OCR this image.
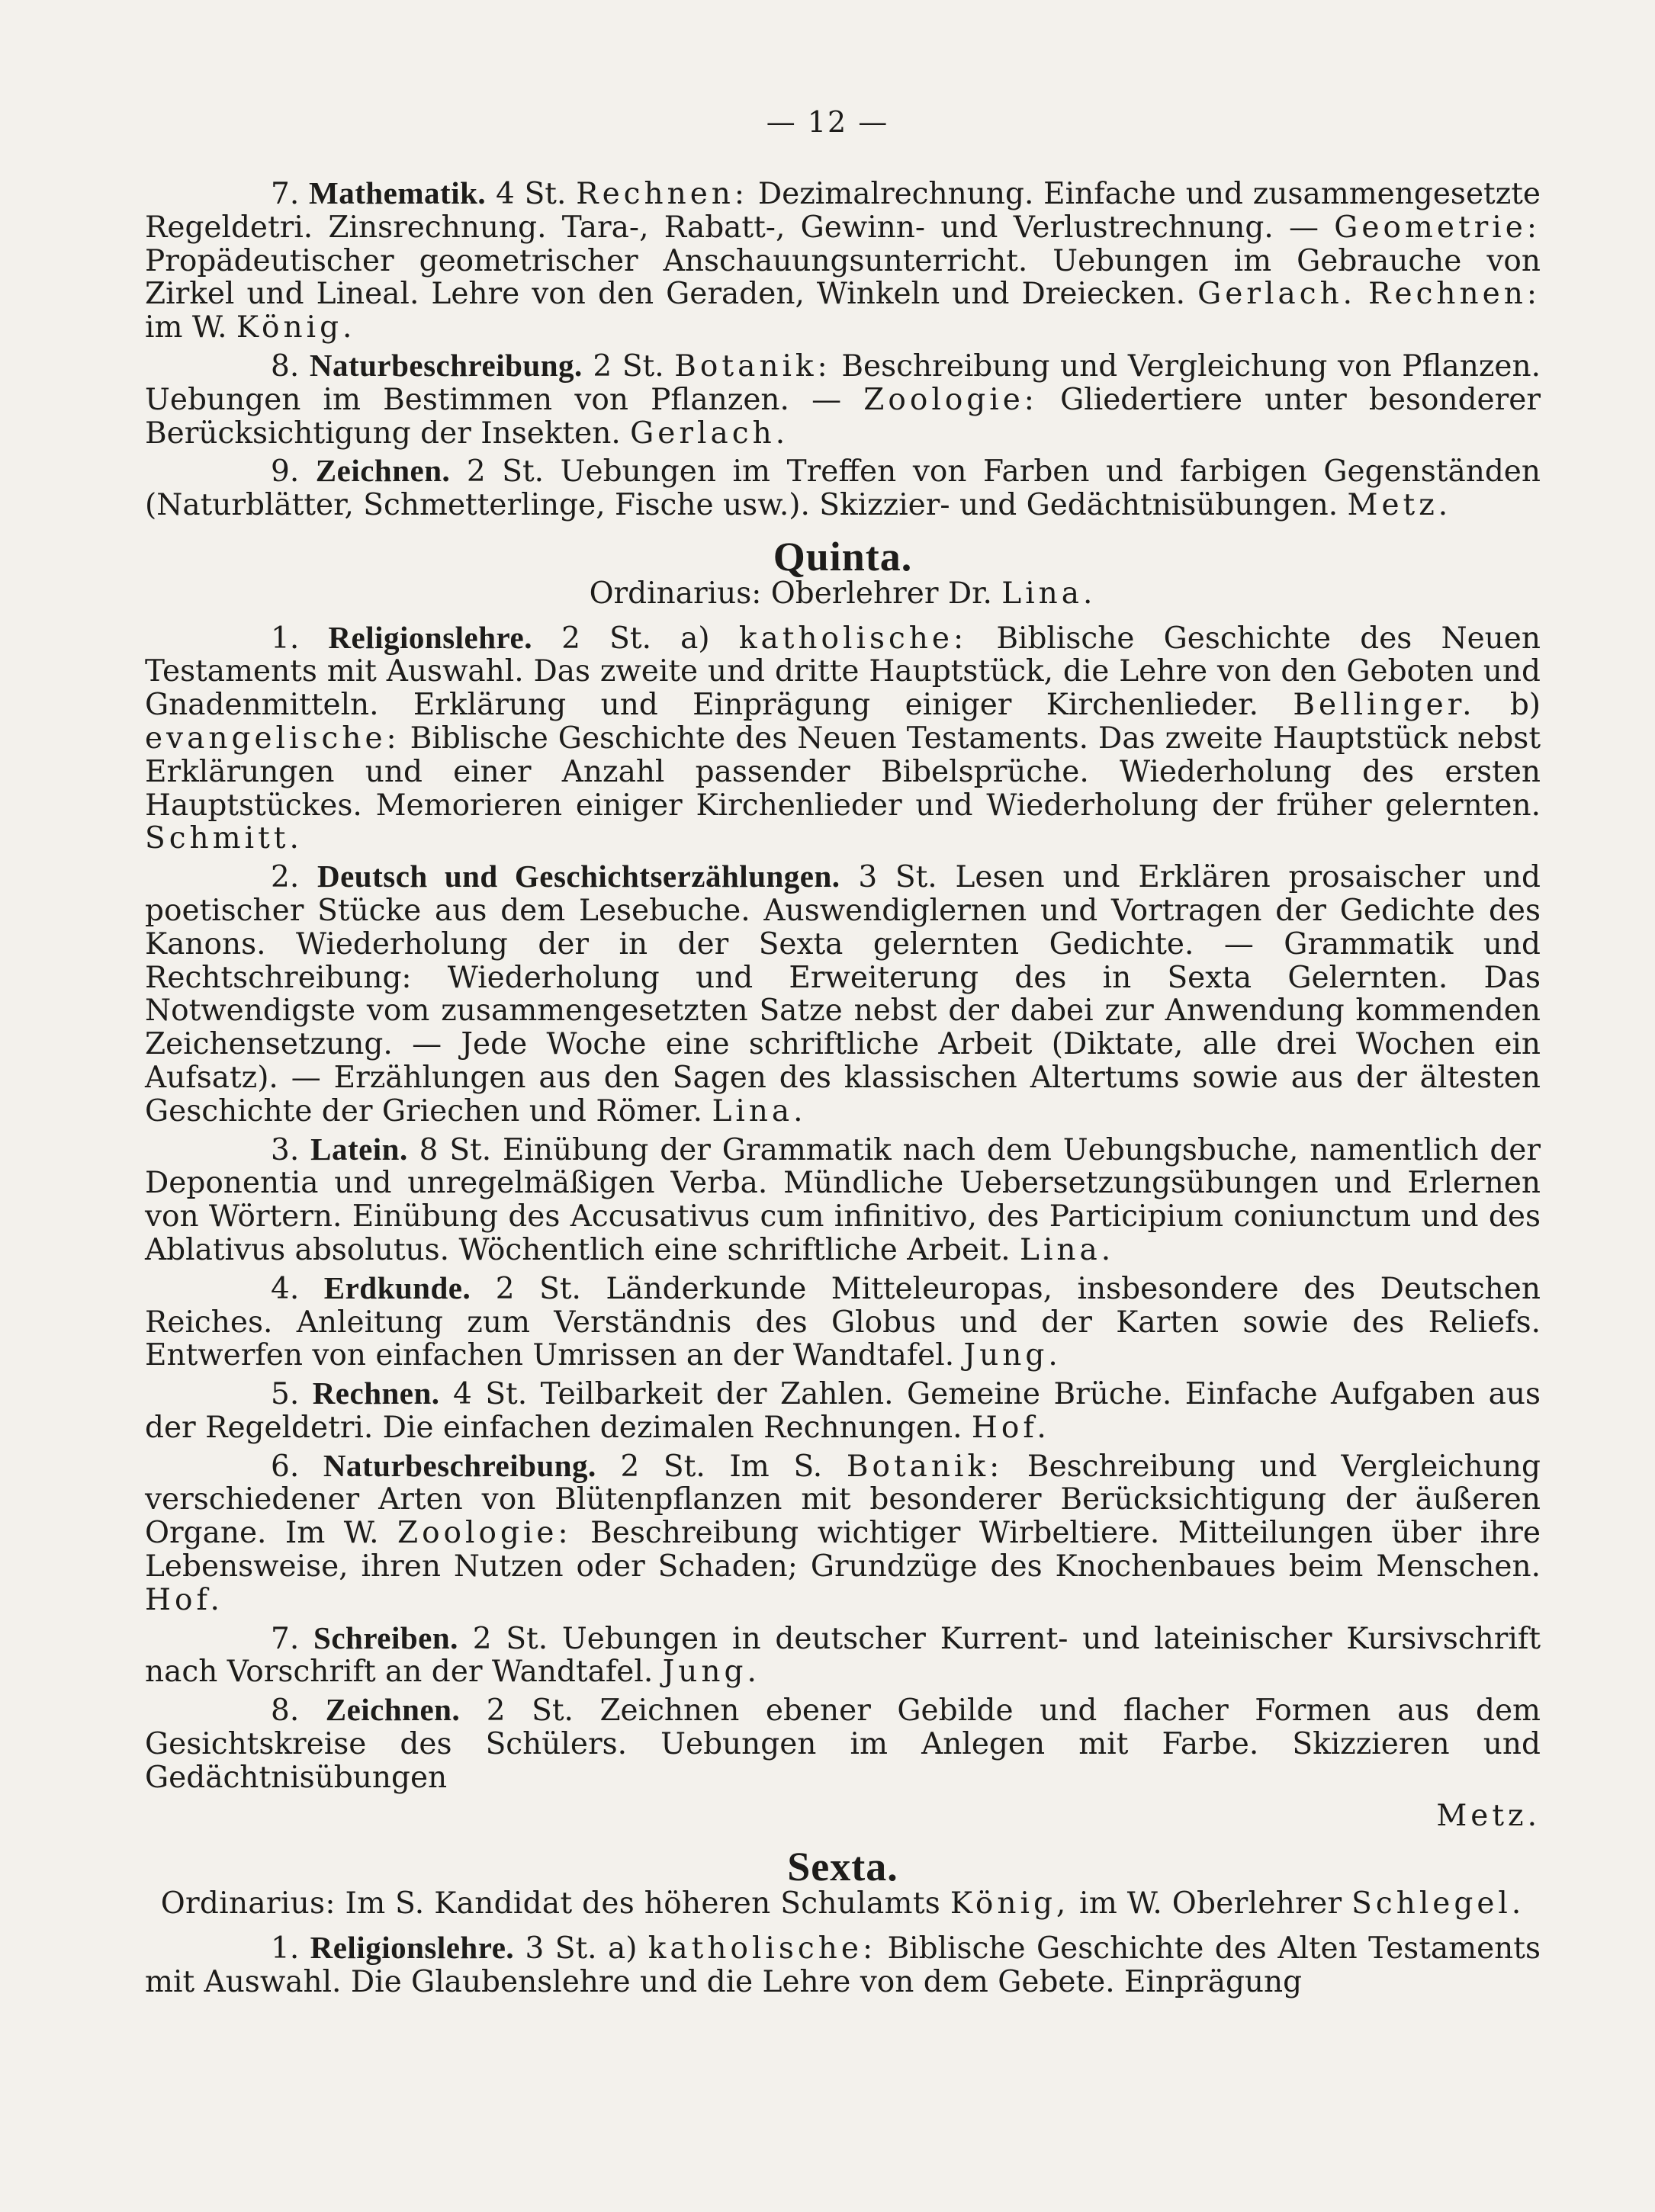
— 12 —

7. Mathematik. 4 St. Rechnen: Dezimalrechnung. Einfache und zusammengesetzte Regeldetri. Zinsrechnung. Tara-, Rabatt-, Gewinn- und Verlustrechnung. — Geometrie: Propädeutischer geometrischer Anschauungsunterricht. Uebungen im Gebrauche von Zirkel und Lineal. Lehre von den Geraden, Winkeln und Dreiecken. Gerlach. Rechnen: im W. König.

8. Naturbeschreibung. 2 St. Botanik: Beschreibung und Vergleichung von Pflanzen. Uebungen im Bestimmen von Pflanzen. — Zoologie: Gliedertiere unter besonderer Berücksichtigung der Insekten. Gerlach.

9. Zeichnen. 2 St. Uebungen im Treffen von Farben und farbigen Gegenständen (Naturblätter, Schmetterlinge, Fische usw.). Skizzier- und Gedächtnisübungen. Metz.

Quinta.
Ordinarius: Oberlehrer Dr. Lina.

1. Religionslehre. 2 St. a) katholische: Biblische Geschichte des Neuen Testaments mit Auswahl. Das zweite und dritte Hauptstück, die Lehre von den Geboten und Gnadenmitteln. Erklärung und Einprägung einiger Kirchenlieder. Bellinger. b) evangelische: Biblische Geschichte des Neuen Testaments. Das zweite Hauptstück nebst Erklärungen und einer Anzahl passender Bibelsprüche. Wiederholung des ersten Hauptstückes. Memorieren einiger Kirchenlieder und Wiederholung der früher gelernten. Schmitt.

2. Deutsch und Geschichtserzählungen. 3 St. Lesen und Erklären prosaischer und poetischer Stücke aus dem Lesebuche. Auswendiglernen und Vortragen der Gedichte des Kanons. Wiederholung der in der Sexta gelernten Gedichte. — Grammatik und Rechtschreibung: Wiederholung und Erweiterung des in Sexta Gelernten. Das Notwendigste vom zusammengesetzten Satze nebst der dabei zur Anwendung kommenden Zeichensetzung. — Jede Woche eine schriftliche Arbeit (Diktate, alle drei Wochen ein Aufsatz). — Erzählungen aus den Sagen des klassischen Altertums sowie aus der ältesten Geschichte der Griechen und Römer. Lina.

3. Latein. 8 St. Einübung der Grammatik nach dem Uebungsbuche, namentlich der Deponentia und unregelmäßigen Verba. Mündliche Uebersetzungsübungen und Erlernen von Wörtern. Einübung des Accusativus cum infinitivo, des Participium coniunctum und des Ablativus absolutus. Wöchentlich eine schriftliche Arbeit. Lina.

4. Erdkunde. 2 St. Länderkunde Mitteleuropas, insbesondere des Deutschen Reiches. Anleitung zum Verständnis des Globus und der Karten sowie des Reliefs. Entwerfen von einfachen Umrissen an der Wandtafel. Jung.

5. Rechnen. 4 St. Teilbarkeit der Zahlen. Gemeine Brüche. Einfache Aufgaben aus der Regeldetri. Die einfachen dezimalen Rechnungen. Hof.

6. Naturbeschreibung. 2 St. Im S. Botanik: Beschreibung und Vergleichung verschiedener Arten von Blütenpflanzen mit besonderer Berücksichtigung der äußeren Organe. Im W. Zoologie: Beschreibung wichtiger Wirbeltiere. Mitteilungen über ihre Lebensweise, ihren Nutzen oder Schaden; Grundzüge des Knochenbaues beim Menschen. Hof.

7. Schreiben. 2 St. Uebungen in deutscher Kurrent- und lateinischer Kursivschrift nach Vorschrift an der Wandtafel. Jung.

8. Zeichnen. 2 St. Zeichnen ebener Gebilde und flacher Formen aus dem Gesichtskreise des Schülers. Uebungen im Anlegen mit Farbe. Skizzieren und Gedächtnisübungen

Metz.
Sexta.
Ordinarius: Im S. Kandidat des höheren Schulamts König, im W. Oberlehrer Schlegel.

1. Religionslehre. 3 St. a) katholische: Biblische Geschichte des Alten Testaments mit Auswahl. Die Glaubenslehre und die Lehre von dem Gebete. Einprägung
